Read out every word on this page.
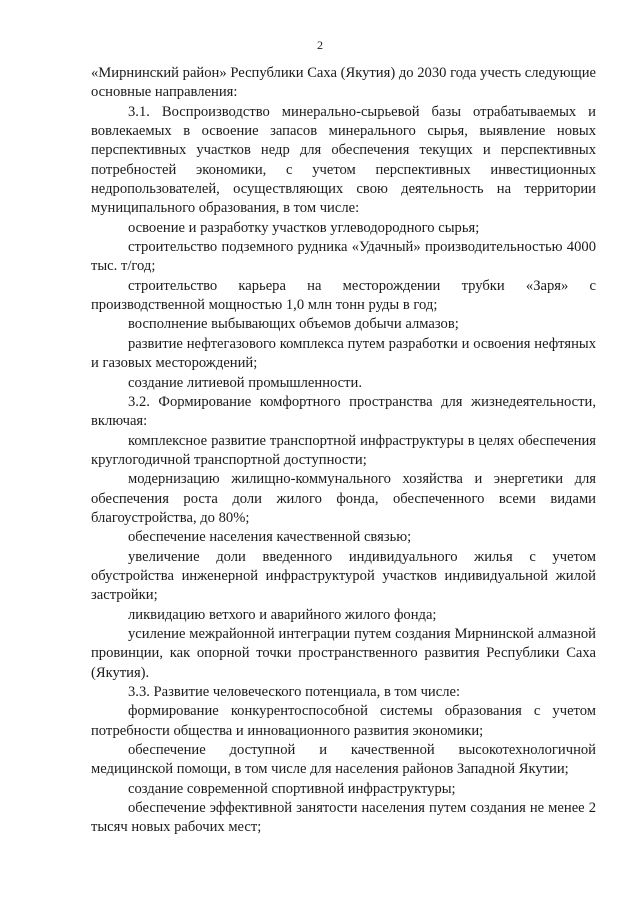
2

«Мирнинский район» Республики Саха (Якутия) до 2030 года учесть следующие основные направления:

3.1. Воспроизводство минерально-сырьевой базы отрабатываемых и вовлекаемых в освоение запасов минерального сырья, выявление новых перспективных участков недр для обеспечения текущих и перспективных потребностей экономики, с учетом перспективных инвестиционных недропользователей, осуществляющих свою деятельность на территории муниципального образования, в том числе:

освоение и разработку участков углеводородного сырья;

строительство подземного рудника «Удачный» производительностью 4000 тыс. т/год;

строительство карьера на месторождении трубки «Заря» с производственной мощностью 1,0 млн тонн руды в год;

восполнение выбывающих объемов добычи алмазов;

развитие нефтегазового комплекса путем разработки и освоения нефтяных и газовых месторождений;

создание литиевой промышленности.

3.2. Формирование комфортного пространства для жизнедеятельности, включая:

комплексное развитие транспортной инфраструктуры в целях обеспечения круглогодичной транспортной доступности;

модернизацию жилищно-коммунального хозяйства и энергетики для обеспечения роста доли жилого фонда, обеспеченного всеми видами благоустройства, до 80%;

обеспечение населения качественной связью;

увеличение доли введенного индивидуального жилья с учетом обустройства инженерной инфраструктурой участков индивидуальной жилой застройки;

ликвидацию ветхого и аварийного жилого фонда;

усиление межрайонной интеграции путем создания Мирнинской алмазной провинции, как опорной точки пространственного развития Республики Саха (Якутия).

3.3. Развитие человеческого потенциала, в том числе:

формирование конкурентоспособной системы образования с учетом потребности общества и инновационного развития экономики;

обеспечение доступной и качественной высокотехнологичной медицинской помощи, в том числе для населения районов Западной Якутии;

создание современной спортивной инфраструктуры;

обеспечение эффективной занятости населения путем создания не менее 2 тысяч новых рабочих мест;
